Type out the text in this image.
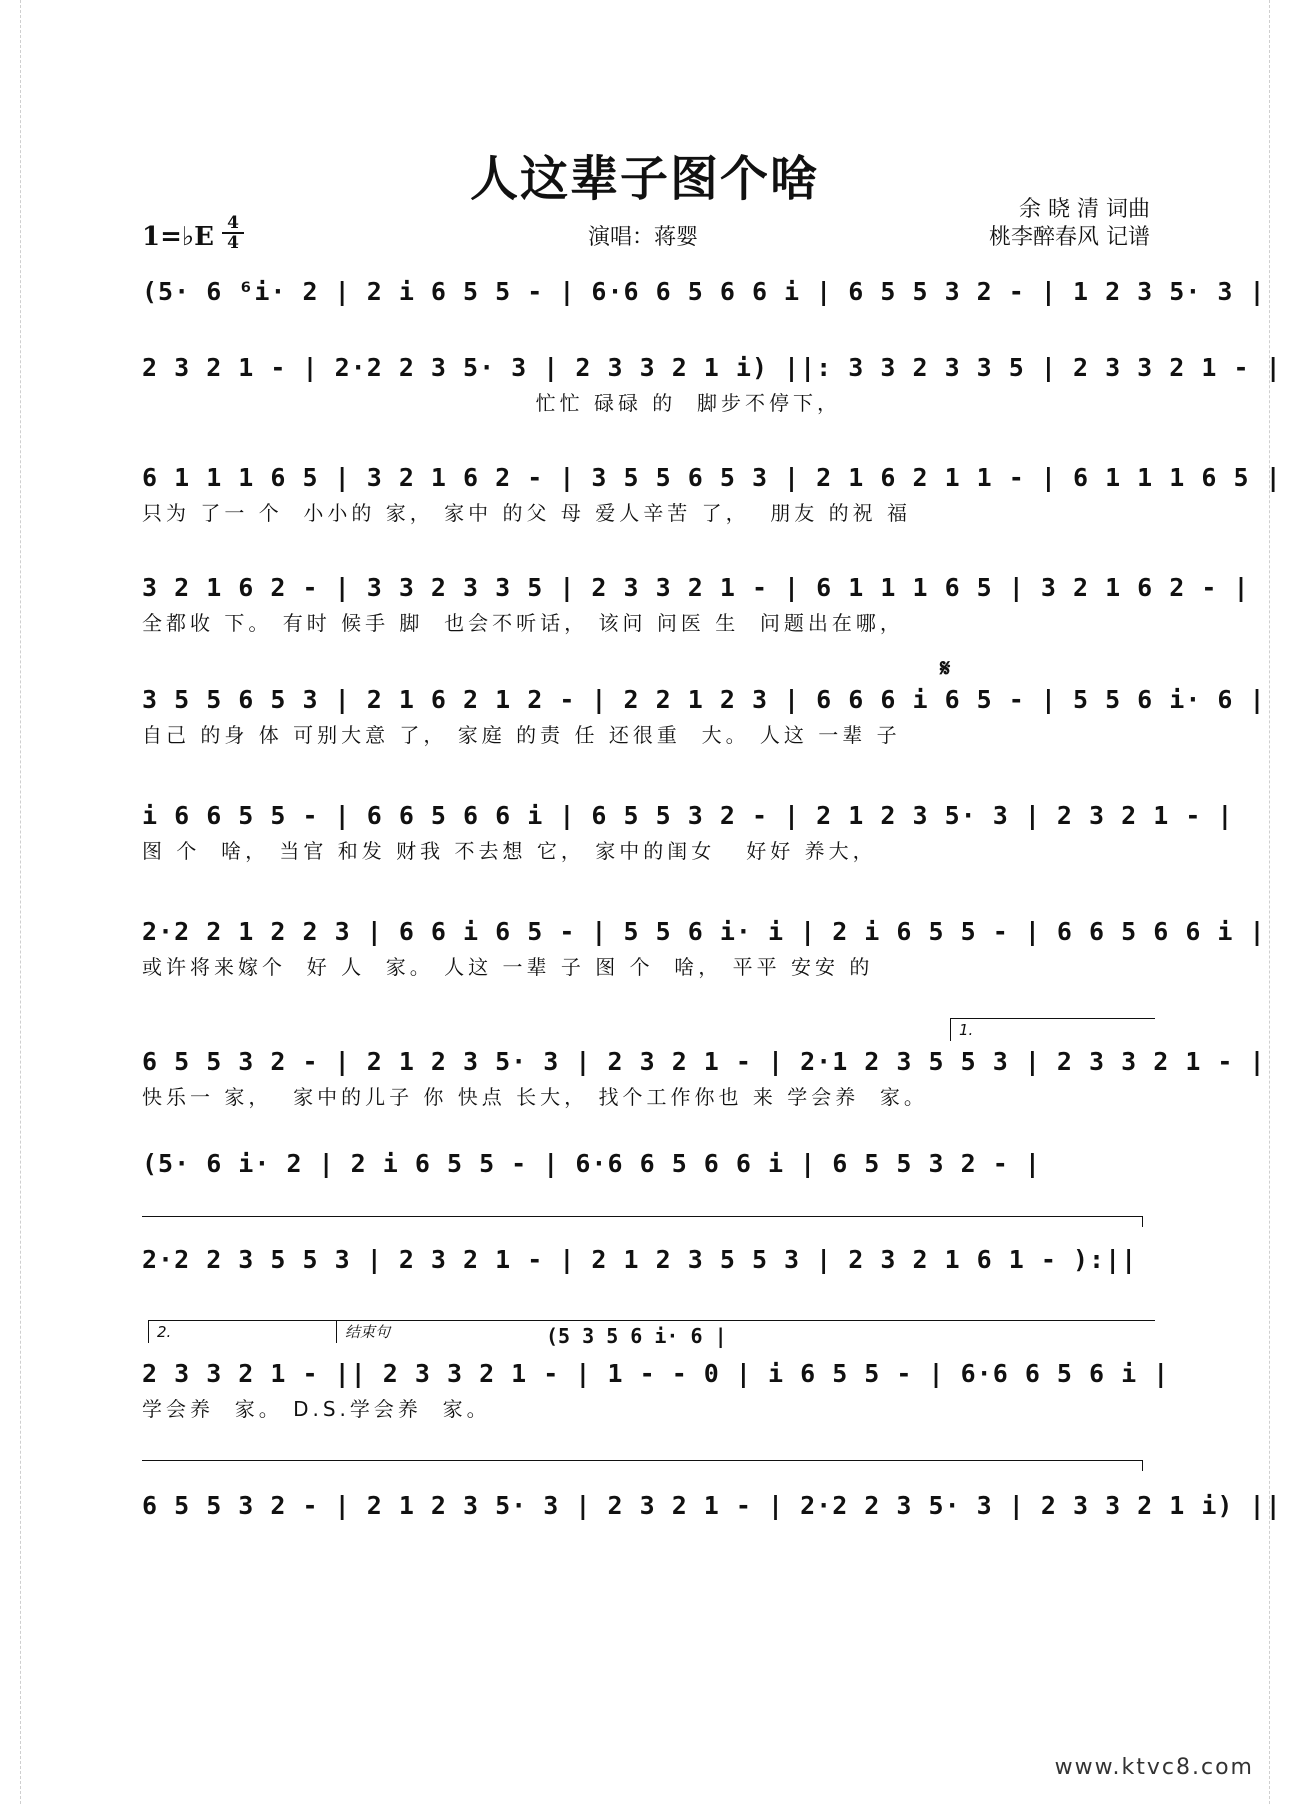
人这辈子图个啥
余 晓 清 词曲
桃李醉春风 记谱
1=♭E 4
4	演唱：蒋婴
(5· 6 ⁶i· 2 | 2 i 6 5 5 - | 6·6 6 5 6 6 i | 6 5 5 3 2 - | 1 2 3 5· 3 |
2 3 2 1 - | 2·2 2 3 5· 3 | 2 3 3 2 1 i) ||: 3 3 2 3 3 5 | 2 3 3 2 1 - |
忙忙 碌碌 的  脚步不停下，
6 1 1 1 6 5 | 3 2 1 6 2 - | 3 5 5 6 5 3 | 2 1 6 2 1 1 - | 6 1 1 1 6 5 |
只为 了一 个  小小的 家， 家中 的父 母 爱人辛苦 了，  朋友 的祝 福
3 2 1 6 2 - | 3 3 2 3 3 5 | 2 3 3 2 1 - | 6 1 1 1 6 5 | 3 2 1 6 2 - |
全都收 下。 有时 候手 脚  也会不听话， 该问 问医 生  问题出在哪，
𝄋
3 5 5 6 5 3 | 2 1 6 2 1 2 - | 2 2 1 2 3 | 6 6 6 i 6 5 - | 5 5 6 i· 6 |
自己 的身 体 可别大意 了， 家庭 的责 任 还很重  大。 人这 一辈 子
i 6 6 5 5 - | 6 6 5 6 6 i | 6 5 5 3 2 - | 2 1 2 3 5· 3 | 2 3 2 1 - |
图 个  啥， 当官 和发 财我 不去想 它， 家中的闺女   好好 养大，
2·2 2 1 2 2 3 | 6 6 i 6 5 - | 5 5 6 i· i | 2 i 6 5 5 - | 6 6 5 6 6 i |
或许将来嫁个  好 人  家。 人这 一辈 子 图 个  啥， 平平 安安 的
1.
6 5 5 3 2 - | 2 1 2 3 5· 3 | 2 3 2 1 - | 2·1 2 3 5 5 3 | 2 3 3 2 1 - |
快乐一 家，  家中的儿子 你 快点 长大， 找个工作你也 来 学会养  家。
(5· 6 i· 2 | 2 i 6 5 5 - | 6·6 6 5 6 6 i | 6 5 5 3 2 - |
2·2 2 3 5 5 3 | 2 3 2 1 - | 2 1 2 3 5 5 3 | 2 3 2 1 6 1 - ):||
2.	结束句	(5 3 5 6 i· 6 |
2 3 3 2 1 - || 2 3 3 2 1 - | 1 - - 0 | i 6 5 5 - | 6·6 6 5 6 i |
学会养  家。 D.S.学会养  家。
6 5 5 3 2 - | 2 1 2 3 5· 3 | 2 3 2 1 - | 2·2 2 3 5· 3 | 2 3 3 2 1 i) ||
www.ktvc8.com
